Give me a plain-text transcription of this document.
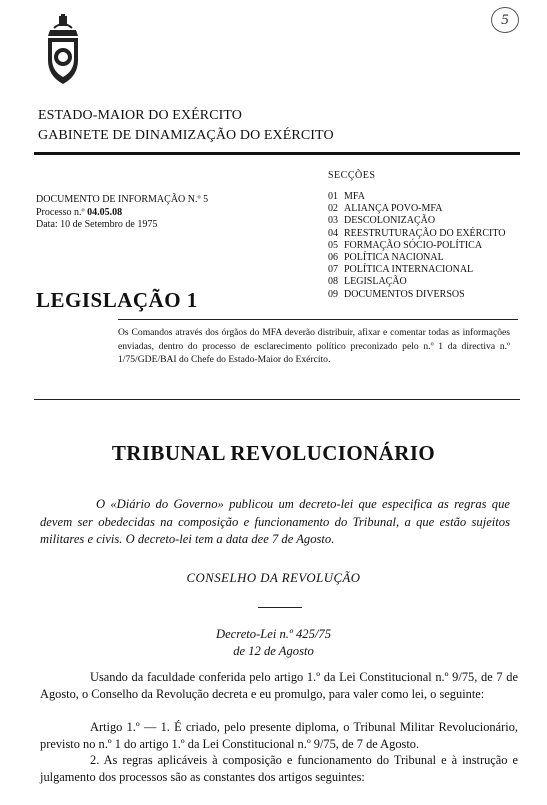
5
ESTADO-MAIOR DO EXÉRCITO
GABINETE DE DINAMIZAÇÃO DO EXÉRCITO
DOCUMENTO DE INFORMAÇÃO N.º 5
Processo n.º 04.05.08
Data: 10 de Setembro de 1975
SECÇÕES
01 MFA
02 ALIANÇA POVO-MFA
03 DESCOLONIZAÇÃO
04 REESTRUTURAÇÃO DO EXÉRCITO
05 FORMAÇÃO SÓCIO-POLÍTICA
06 POLÍTICA NACIONAL
07 POLÍTICA INTERNACIONAL
08 LEGISLAÇÃO
09 DOCUMENTOS DIVERSOS
LEGISLAÇÃO 1
Os Comandos através dos órgãos do MFA deverão distribuir, afixar e comentar todas as informações enviadas, dentro do processo de esclarecimento político preconizado pelo n.º 1 da directiva n.º 1/75/GDE/BAI do Chefe do Estado-Maior do Exército.
TRIBUNAL REVOLUCIONÁRIO
O «Diário do Governo» publicou um decreto-lei que especifica as regras que devem ser obedecidas na composição e funcionamento do Tribunal, a que estão sujeitos militares e civis. O decreto-lei tem a data dee 7 de Agosto.
CONSELHO DA REVOLUÇÃO
Decreto-Lei n.º 425/75
de 12 de Agosto
Usando da faculdade conferida pelo artigo 1.º da Lei Constitucional n.º 9/75, de 7 de Agosto, o Conselho da Revolução decreta e eu promulgo, para valer como lei, o seguinte:
Artigo 1.º — 1. É criado, pelo presente diploma, o Tribunal Militar Revolucionário, previsto no n.º 1 do artigo 1.º da Lei Constitucional n.º 9/75, de 7 de Agosto.
2. As regras aplicáveis à composição e funcionamento do Tribunal e à instrução e julgamento dos processos são as constantes dos artigos seguintes:
